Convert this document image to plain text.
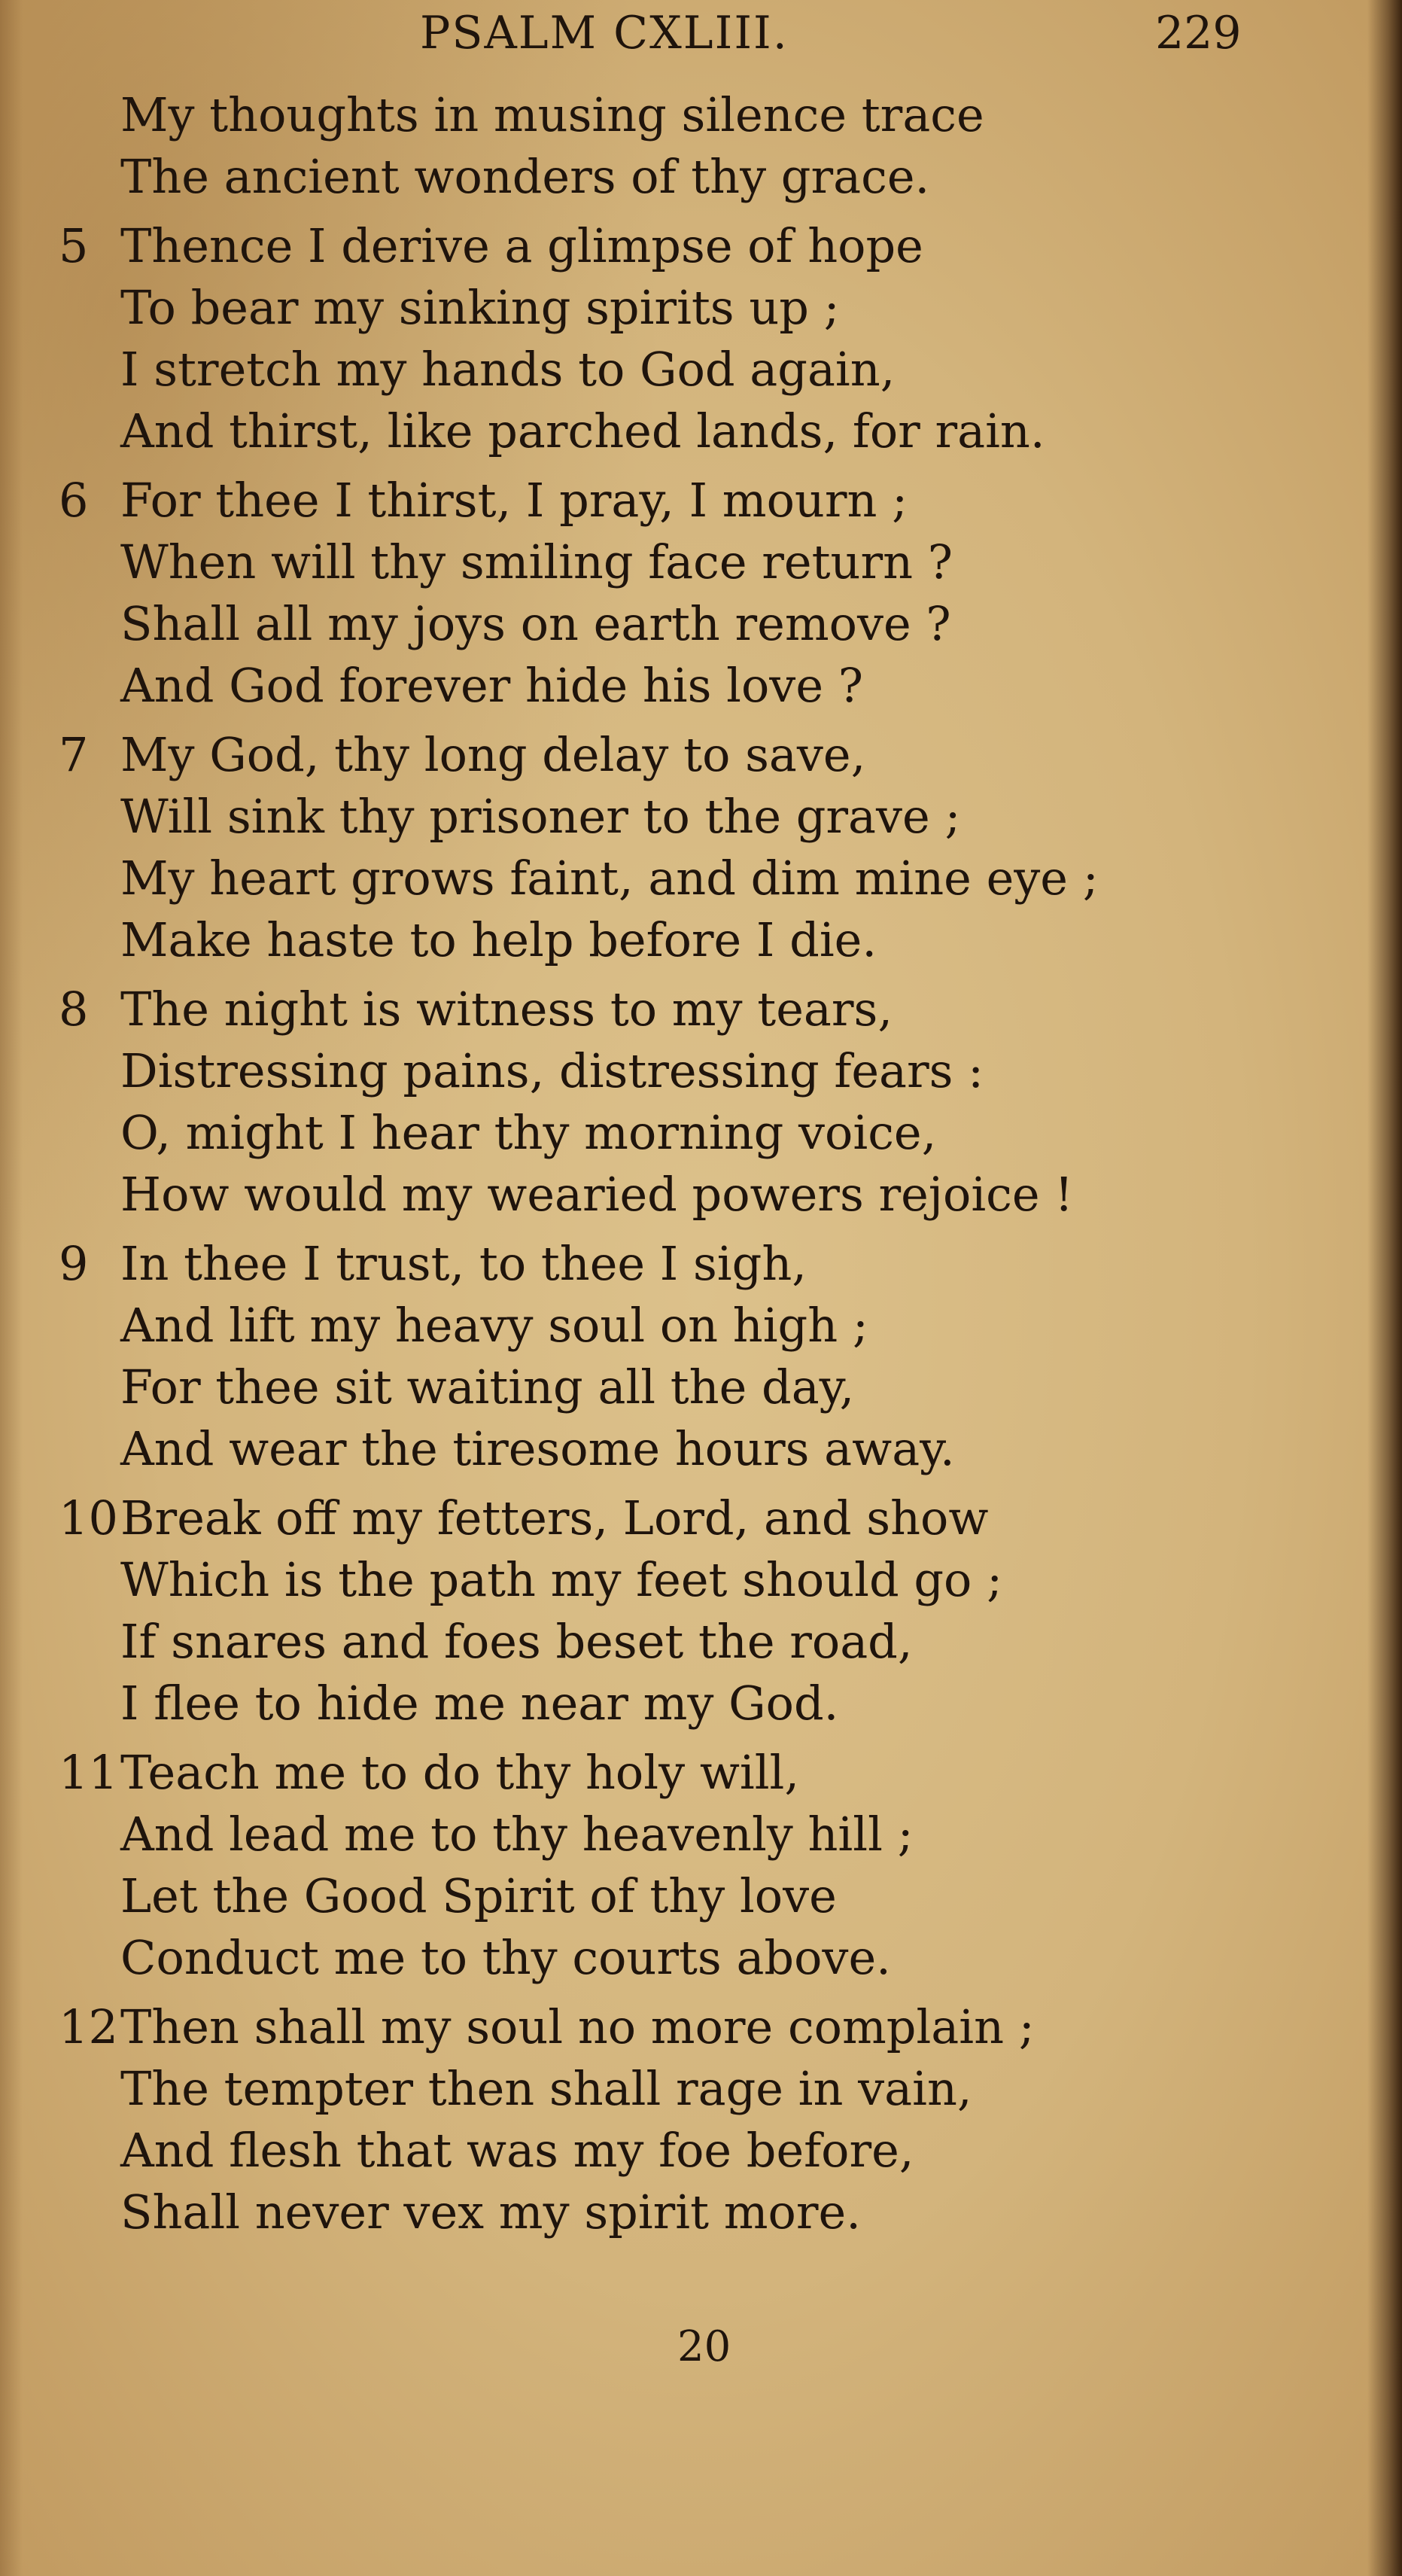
PSALM CXLIII.	229
My thoughts in musing silence trace
The ancient wonders of thy grace.
5 Thence I derive a glimpse of hope
To bear my sinking spirits up ;
I stretch my hands to God again,
And thirst, like parched lands, for rain.
6 For thee I thirst, I pray, I mourn ;
When will thy smiling face return ?
Shall all my joys on earth remove ?
And God forever hide his love ?
7 My God, thy long delay to save,
Will sink thy prisoner to the grave ;
My heart grows faint, and dim mine eye ;
Make haste to help before I die.
8 The night is witness to my tears,
Distressing pains, distressing fears :
O, might I hear thy morning voice,
How would my wearied powers rejoice !
9 In thee I trust, to thee I sigh,
And lift my heavy soul on high ;
For thee sit waiting all the day,
And wear the tiresome hours away.
10 Break off my fetters, Lord, and show
Which is the path my feet should go ;
If snares and foes beset the road,
I flee to hide me near my God.
11 Teach me to do thy holy will,
And lead me to thy heavenly hill ;
Let the Good Spirit of thy love
Conduct me to thy courts above.
12 Then shall my soul no more complain ;
The tempter then shall rage in vain,
And flesh that was my foe before,
Shall never vex my spirit more.
20
